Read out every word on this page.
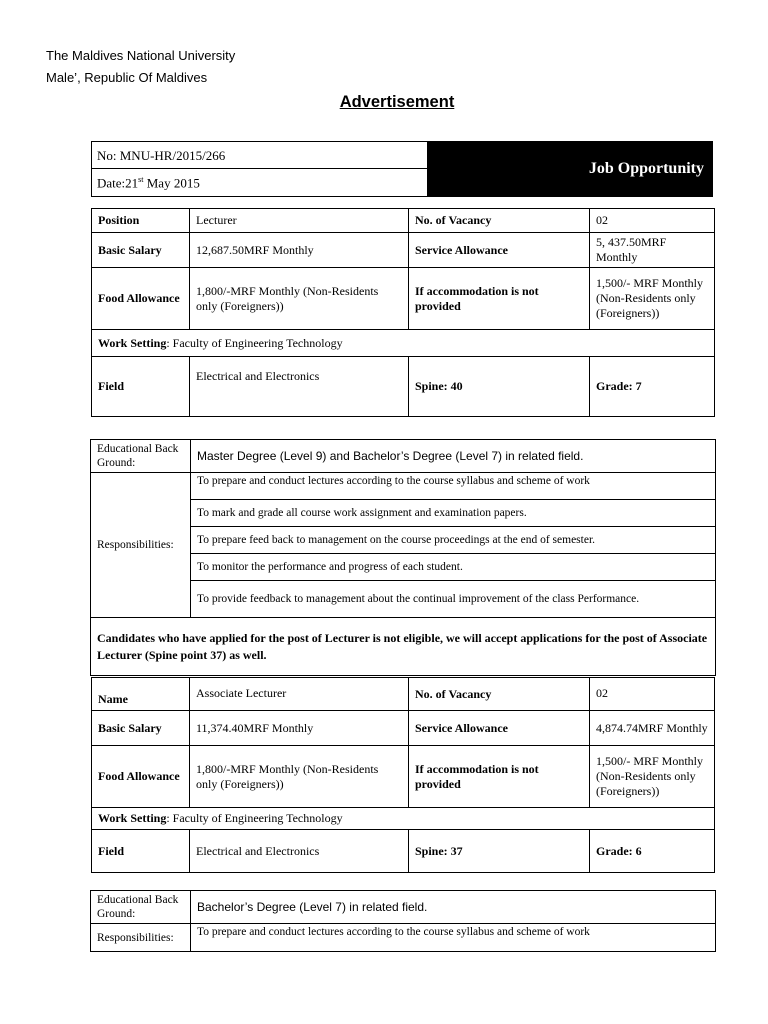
The Maldives National University
Male’, Republic Of Maldives
Advertisement
No: MNU-HR/2015/266
Date:21st May 2015
Job Opportunity
Position	Lecturer	No. of Vacancy	02
Basic Salary	12,687.50MRF Monthly	Service Allowance	5, 437.50MRF Monthly
Food Allowance	1,800/-MRF Monthly (Non-Residents only (Foreigners))	If accommodation is not provided	1,500/- MRF Monthly (Non-Residents only (Foreigners))
Work Setting: Faculty of Engineering Technology			
Field	Electrical and Electronics	Spine: 40	Grade: 7
Educational Back Ground:	Master Degree (Level 9) and Bachelor’s Degree (Level 7) in related field.
Responsibilities:	To prepare and conduct lectures according to the course syllabus and scheme of work
	To mark and grade all course work assignment and examination papers.
	To prepare feed back to management on the course proceedings at the end of semester.
	To monitor the performance and progress of each student.
	To provide feedback to management about the continual improvement of the class Performance.
Candidates who have applied for the post of Lecturer is not eligible, we will accept applications for the post of Associate Lecturer (Spine point 37) as well.	
Name	Associate Lecturer	No. of Vacancy	02
Basic Salary	11,374.40MRF Monthly	Service Allowance	4,874.74MRF Monthly
Food Allowance	1,800/-MRF Monthly (Non-Residents only (Foreigners))	If accommodation is not provided	1,500/- MRF Monthly (Non-Residents only (Foreigners))
Work Setting: Faculty of Engineering Technology			
Field	Electrical and Electronics	Spine: 37	Grade: 6
Educational Back Ground:	Bachelor’s Degree (Level 7) in related field.
Responsibilities:	To prepare and conduct lectures according to the course syllabus and scheme of work
